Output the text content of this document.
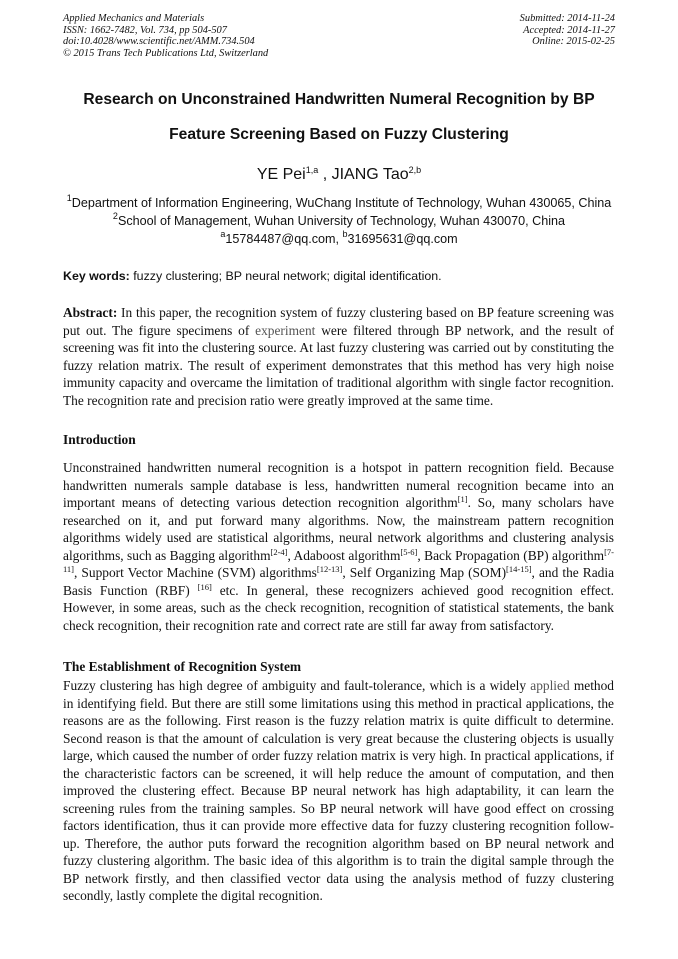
Applied Mechanics and Materials
ISSN: 1662-7482, Vol. 734, pp 504-507
doi:10.4028/www.scientific.net/AMM.734.504
© 2015 Trans Tech Publications Ltd, Switzerland
Submitted: 2014-11-24
Accepted: 2014-11-27
Online: 2015-02-25
Research on Unconstrained Handwritten Numeral Recognition by BP
Feature Screening Based on Fuzzy Clustering
YE Pei$^{1,a}$ , JIANG Tao$^{2,b}$
$^1$Department of Information Engineering, WuChang Institute of Technology, Wuhan 430065, China
$^2$School of Management, Wuhan University of Technology, Wuhan 430070, China
$^a$15784487@qq.com, $^b$31695631@qq.com
Key words: fuzzy clustering; BP neural network; digital identification.
Abstract: In this paper, the recognition system of fuzzy clustering based on BP feature screening was put out. The figure specimens of experiment were filtered through BP network, and the result of screening was fit into the clustering source. At last fuzzy clustering was carried out by constituting the fuzzy relation matrix. The result of experiment demonstrates that this method has very high noise immunity capacity and overcame the limitation of traditional algorithm with single factor recognition. The recognition rate and precision ratio were greatly improved at the same time.
Introduction
Unconstrained handwritten numeral recognition is a hotspot in pattern recognition field. Because handwritten numerals sample database is less, handwritten numeral recognition became into an important means of detecting various detection recognition algorithm[1]. So, many scholars have researched on it, and put forward many algorithms. Now, the mainstream pattern recognition algorithms widely used are statistical algorithms, neural network algorithms and clustering analysis algorithms, such as Bagging algorithm[2-4], Adaboost algorithm[5-6], Back Propagation (BP) algorithm[7-11], Support Vector Machine (SVM) algorithms[12-13], Self Organizing Map (SOM)[14-15], and the Radia Basis Function (RBF) [16] etc. In general, these recognizers achieved good recognition effect. However, in some areas, such as the check recognition, recognition of statistical statements, the bank check recognition, their recognition rate and correct rate are still far away from satisfactory.
The Establishment of Recognition System
Fuzzy clustering has high degree of ambiguity and fault-tolerance, which is a widely applied method in identifying field. But there are still some limitations using this method in practical applications, the reasons are as the following. First reason is the fuzzy relation matrix is quite difficult to determine. Second reason is that the amount of calculation is very great because the clustering objects is usually large, which caused the number of order fuzzy relation matrix is very high. In practical applications, if the characteristic factors can be screened, it will help reduce the amount of computation, and then improved the clustering effect. Because BP neural network has high adaptability, it can learn the screening rules from the training samples. So BP neural network will have good effect on crossing factors identification, thus it can provide more effective data for fuzzy clustering recognition follow-up. Therefore, the author puts forward the recognition algorithm based on BP neural network and fuzzy clustering algorithm. The basic idea of this algorithm is to train the digital sample through the BP network firstly, and then classified vector data using the analysis method of fuzzy clustering secondly, lastly complete the digital recognition.
